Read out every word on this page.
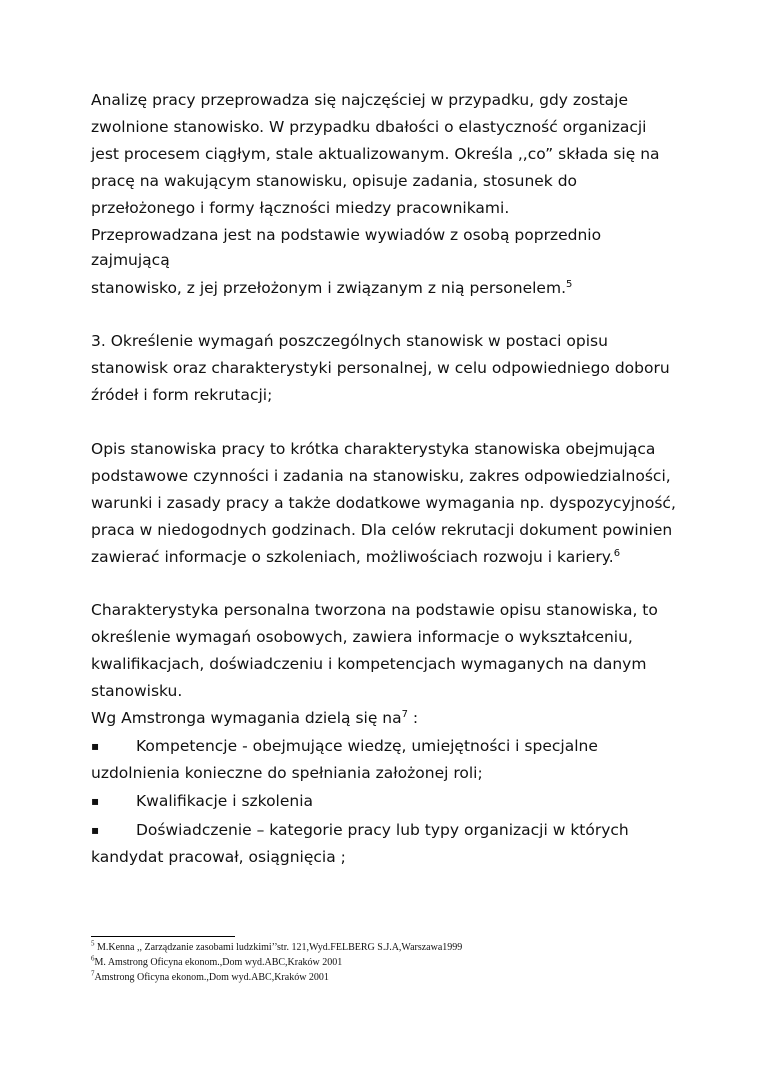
Analizę pracy przeprowadza się najczęściej w przypadku, gdy zostaje
zwolnione stanowisko. W przypadku dbałości o elastyczność organizacji
jest procesem ciągłym, stale aktualizowanym. Określa ,,co” składa się na
pracę na wakującym stanowisku, opisuje zadania, stosunek do
przełożonego i formy łączności miedzy pracownikami.
Przeprowadzana jest na podstawie wywiadów z osobą poprzednio
zajmującą
stanowisko, z jej przełożonym i związanym z nią personelem.$^5$
3. Określenie wymagań poszczególnych stanowisk w postaci opisu
stanowisk oraz charakterystyki personalnej, w celu odpowiedniego doboru
źródeł i form rekrutacji;
Opis stanowiska pracy to krótka charakterystyka stanowiska obejmująca
podstawowe czynności i zadania na stanowisku, zakres odpowiedzialności,
warunki i zasady pracy a także dodatkowe wymagania np. dyspozycyjność,
praca w niedogodnych godzinach. Dla celów rekrutacji dokument powinien
zawierać informacje o szkoleniach, możliwościach rozwoju i kariery.$^6$
Charakterystyka personalna tworzona na podstawie opisu stanowiska, to
określenie wymagań osobowych, zawiera informacje o wykształceniu,
kwalifikacjach, doświadczeniu i kompetencjach wymaganych na danym
stanowisku.
Wg Amstronga wymagania dzielą się na$^7$ :
▪ Kompetencje - obejmujące wiedzę, umiejętności i specjalne
uzdolnienia konieczne do spełniania założonej roli;
▪ Kwalifikacje i szkolenia
▪ Doświadczenie – kategorie pracy lub typy organizacji w których
kandydat pracował, osiągnięcia ;
$^5$ M.Kenna ,, Zarządzanie zasobami ludzkimi’’str. 121,Wyd.FELBERG S.J.A,Warszawa1999
$^6$M. Amstrong Oficyna ekonom.,Dom wyd.ABC,Kraków 2001
$^7$Amstrong Oficyna ekonom.,Dom wyd.ABC,Kraków 2001
